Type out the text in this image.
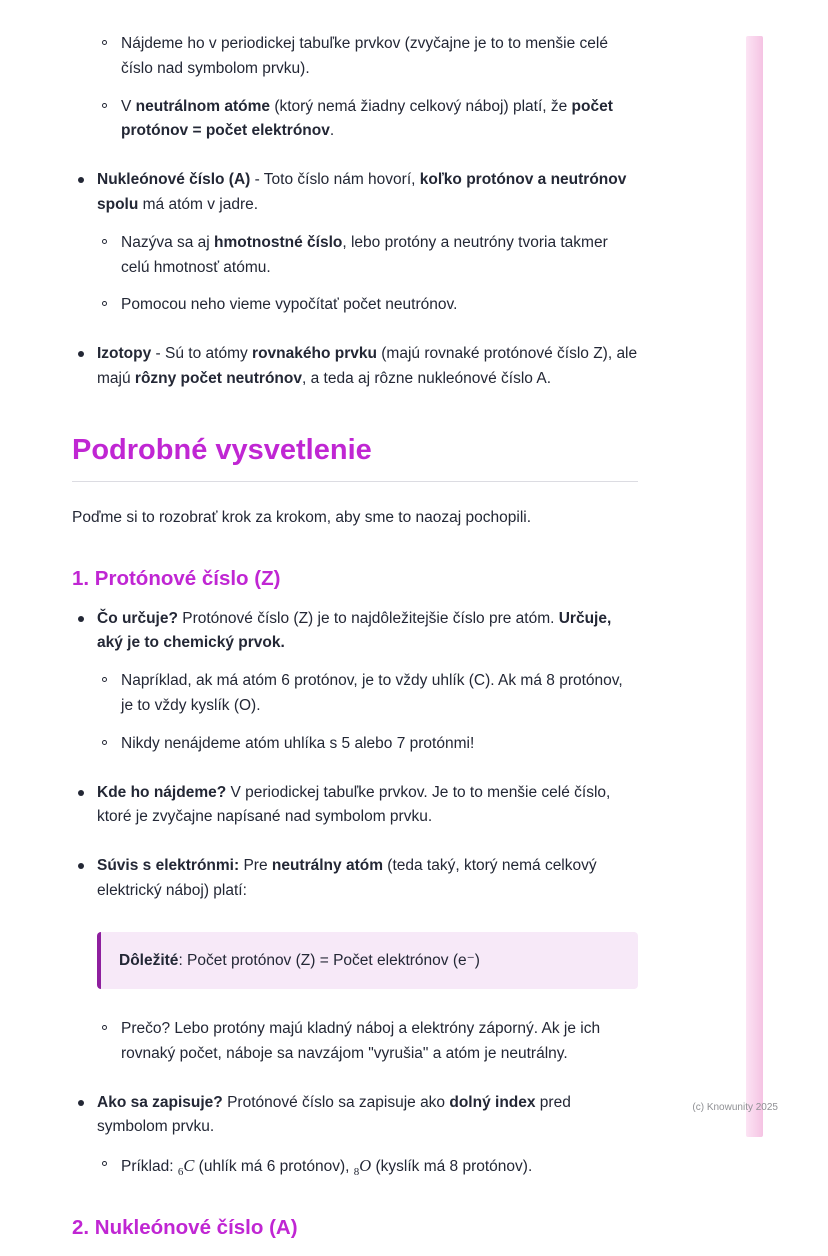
Nájdeme ho v periodickej tabuľke prvkov (zvyčajne je to to menšie celé číslo nad symbolom prvku).
V neutrálnom atóme (ktorý nemá žiadny celkový náboj) platí, že počet protónov = počet elektrónov.
Nukleónové číslo (A) - Toto číslo nám hovorí, koľko protónov a neutrónov spolu má atóm v jadre.
Nazýva sa aj hmotnostné číslo, lebo protóny a neutróny tvoria takmer celú hmotnosť atómu.
Pomocou neho vieme vypočítať počet neutrónov.
Izotopy - Sú to atómy rovnakého prvku (majú rovnaké protónové číslo Z), ale majú rôzny počet neutrónov, a teda aj rôzne nukleónové číslo A.
Podrobné vysvetlenie

Poďme si to rozobrať krok za krokom, aby sme to naozaj pochopili.

1. Protónové číslo (Z)
Čo určuje? Protónové číslo (Z) je to najdôležitejšie číslo pre atóm. Určuje, aký je to chemický prvok.
Napríklad, ak má atóm 6 protónov, je to vždy uhlík (C). Ak má 8 protónov, je to vždy kyslík (O).
Nikdy nenájdeme atóm uhlíka s 5 alebo 7 protónmi!
Kde ho nájdeme? V periodickej tabuľke prvkov. Je to to menšie celé číslo, ktoré je zvyčajne napísané nad symbolom prvku.
Súvis s elektrónmi: Pre neutrálny atóm (teda taký, ktorý nemá celkový elektrický náboj) platí:
Dôležité: Počet protónov (Z) = Počet elektrónov (e⁻)
Prečo? Lebo protóny majú kladný náboj a elektróny záporný. Ak je ich rovnaký počet, náboje sa navzájom "vyrušia" a atóm je neutrálny.
Ako sa zapisuje? Protónové číslo sa zapisuje ako dolný index pred symbolom prvku.
Príklad: $_6$C (uhlík má 6 protónov), $_8$O (kyslík má 8 protónov).
2. Nukleónové číslo (A)
(c) Knowunity 2025
